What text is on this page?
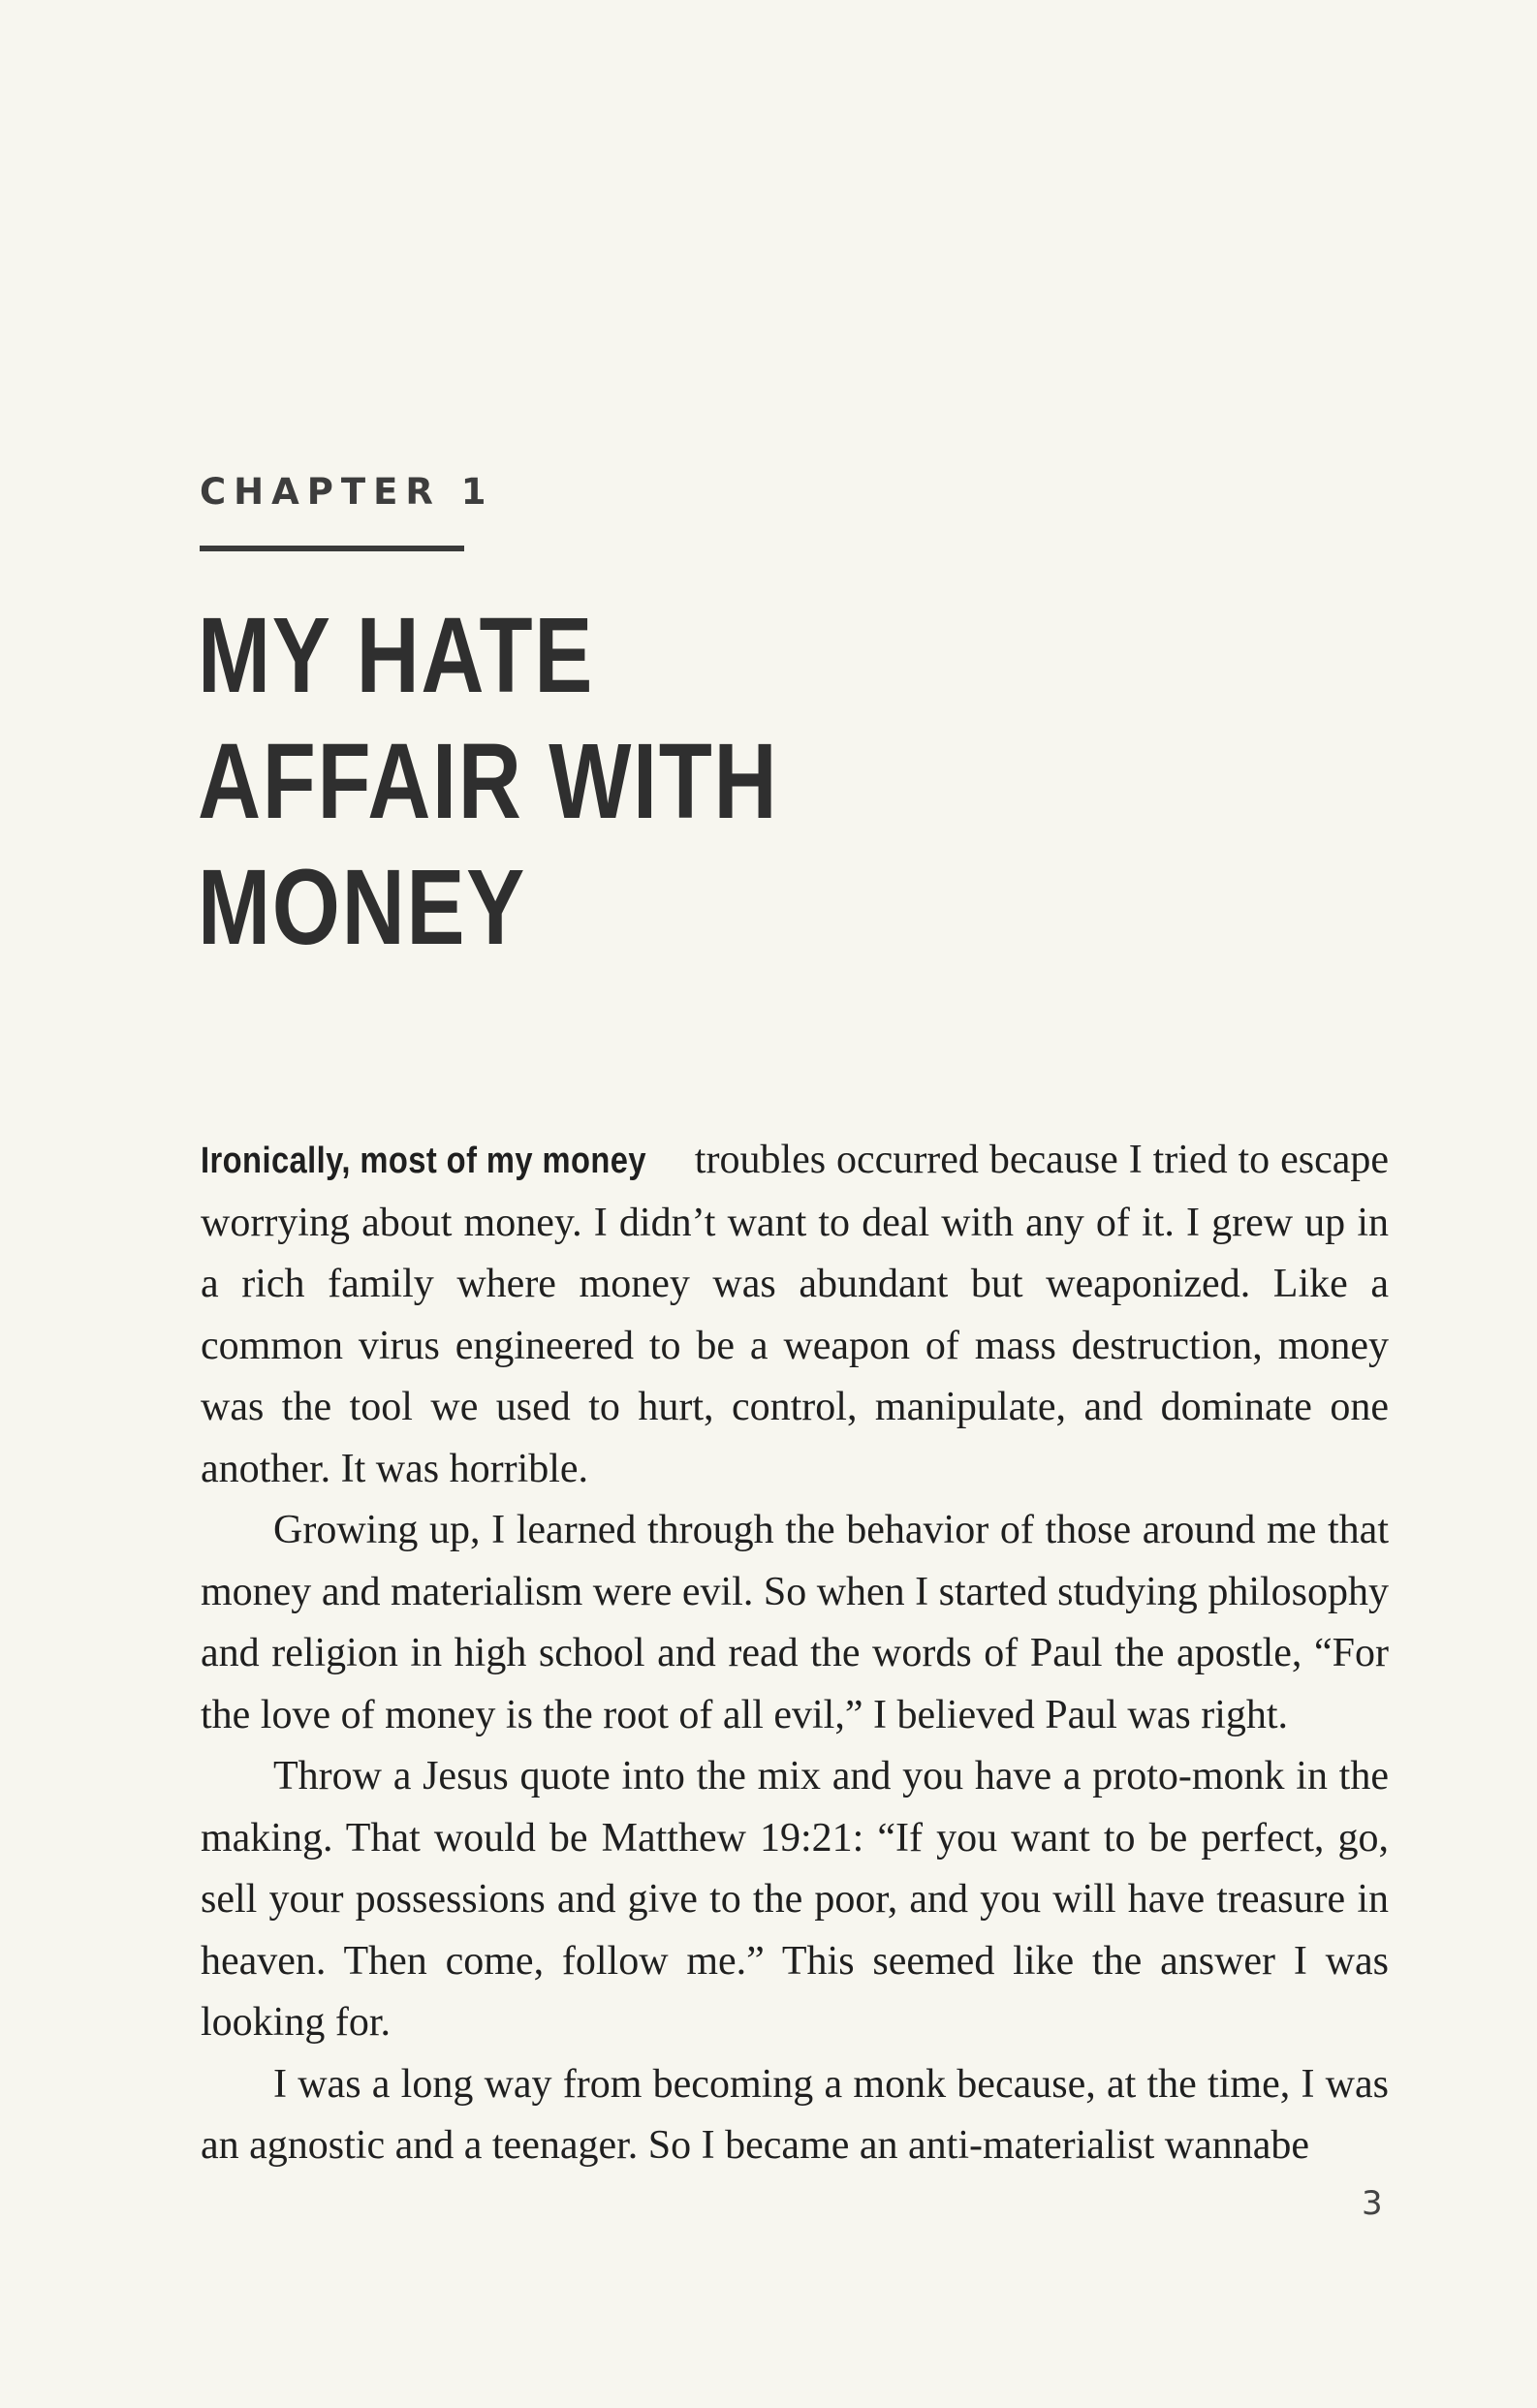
CHAPTER 1
MY HATE
AFFAIR WITH
MONEY

Ironically, most of my money troubles occurred because I tried to escape worrying about money. I didn’t want to deal with any of it. I grew up in a rich family where money was abundant but weaponized. Like a common virus engineered to be a weapon of mass destruction, money was the tool we used to hurt, control, manipulate, and dominate one another. It was horrible.

Growing up, I learned through the behavior of those around me that money and materialism were evil. So when I started studying philosophy and religion in high school and read the words of Paul the apostle, “For the love of money is the root of all evil,” I believed Paul was right.

Throw a Jesus quote into the mix and you have a proto-monk in the making. That would be Matthew 19:21: “If you want to be perfect, go, sell your possessions and give to the poor, and you will have treasure in heaven. Then come, follow me.” This seemed like the answer I was looking for.

I was a long way from becoming a monk because, at the time, I was an agnostic and a teenager. So I became an anti-materialist wannabe

3
